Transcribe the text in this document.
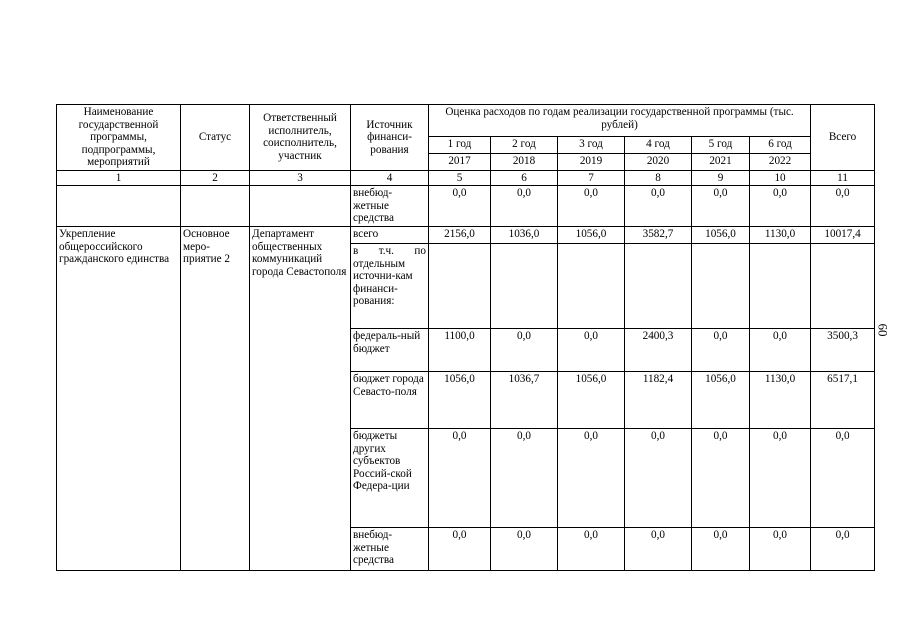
60
Наименование государственной программы, подпрограммы, мероприятий	Статус	Ответственный исполнитель, соисполнитель, участник	Источник финанси-рования	Оценка расходов по годам реализации государственной программы (тыс. рублей)						Всего
				1 год	2 год	3 год	4 год	5 год	6 год	
				2017	2018	2019	2020	2021	2022	
1	2	3	4	5	6	7	8	9	10	11
			внебюд-жетные средства	0,0	0,0	0,0	0,0	0,0	0,0	0,0
Укрепление общероссийского гражданского единства	Основное меро-приятие 2	Департамент общественных коммуникаций города Севастополя	всего	2156,0	1036,0	1056,0	3582,7	1056,0	1130,0	10017,4
			в т.ч. по отдельным источни-кам финанси-рования:							
			федераль-ный бюджет	1100,0	0,0	0,0	2400,3	0,0	0,0	3500,3
			бюджет города Севасто-поля	1056,0	1036,7	1056,0	1182,4	1056,0	1130,0	6517,1
			бюджеты других субъектов Россий-ской Федера-ции	0,0	0,0	0,0	0,0	0,0	0,0	0,0
			внебюд-жетные средства	0,0	0,0	0,0	0,0	0,0	0,0	0,0
